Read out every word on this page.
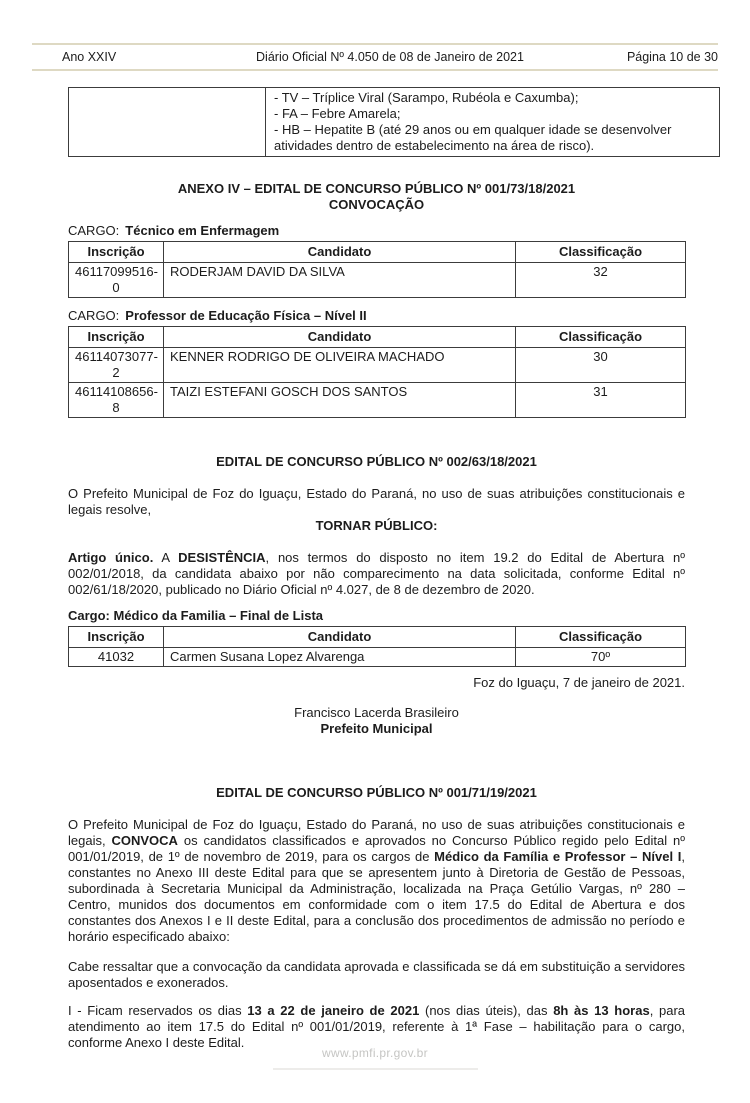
Ano XXIV	Diário Oficial Nº 4.050 de 08 de Janeiro de 2021	Página 10 de 30

- TV – Tríplice Viral (Sarampo, Rubéola e Caxumba);
- FA – Febre Amarela;
- HB – Hepatite B (até 29 anos ou em qualquer idade se desenvolver atividades dentro de estabelecimento na área de risco).

ANEXO IV – EDITAL DE CONCURSO PÚBLICO Nº 001/73/18/2021

CONVOCAÇÃO

CARGO: Técnico em Enfermagem
Inscrição	Candidato	Classificação
46117099516-0	RODERJAM DAVID DA SILVA	32
CARGO: Professor de Educação Física – Nível II
Inscrição	Candidato	Classificação
46114073077-2	KENNER RODRIGO DE OLIVEIRA MACHADO	30
46114108656-8	TAIZI ESTEFANI GOSCH DOS SANTOS	31

EDITAL DE CONCURSO PÚBLICO Nº 002/63/18/2021

O Prefeito Municipal de Foz do Iguaçu, Estado do Paraná, no uso de suas atribuições constitucionais e legais resolve,

TORNAR PÚBLICO:

Artigo único. A DESISTÊNCIA, nos termos do disposto no item 19.2 do Edital de Abertura nº 002/01/2018, da candidata abaixo por não comparecimento na data solicitada, conforme Edital nº 002/61/18/2020, publicado no Diário Oficial nº 4.027, de 8 de dezembro de 2020.

Cargo: Médico da Familia – Final de Lista
Inscrição	Candidato	Classificação
41032	Carmen Susana Lopez Alvarenga	70º
Foz do Iguaçu, 7 de janeiro de 2021.
Francisco Lacerda Brasileiro
Prefeito Municipal

EDITAL DE CONCURSO PÚBLICO Nº 001/71/19/2021

O Prefeito Municipal de Foz do Iguaçu, Estado do Paraná, no uso de suas atribuições constitucionais e legais, CONVOCA os candidatos classificados e aprovados no Concurso Público regido pelo Edital nº 001/01/2019, de 1º de novembro de 2019, para os cargos de Médico da Família e Professor – Nível I, constantes no Anexo III deste Edital para que se apresentem junto à Diretoria de Gestão de Pessoas, subordinada à Secretaria Municipal da Administração, localizada na Praça Getúlio Vargas, nº 280 – Centro, munidos dos documentos em conformidade com o item 17.5 do Edital de Abertura e dos constantes dos Anexos I e II deste Edital, para a conclusão dos procedimentos de admissão no período e horário especificado abaixo:

Cabe ressaltar que a convocação da candidata aprovada e classificada se dá em substituição a servidores aposentados e exonerados.

I - Ficam reservados os dias 13 a 22 de janeiro de 2021 (nos dias úteis), das 8h às 13 horas, para atendimento ao item 17.5 do Edital nº 001/01/2019, referente à 1ª Fase – habilitação para o cargo, conforme Anexo I deste Edital.

www.pmfi.pr.gov.br
